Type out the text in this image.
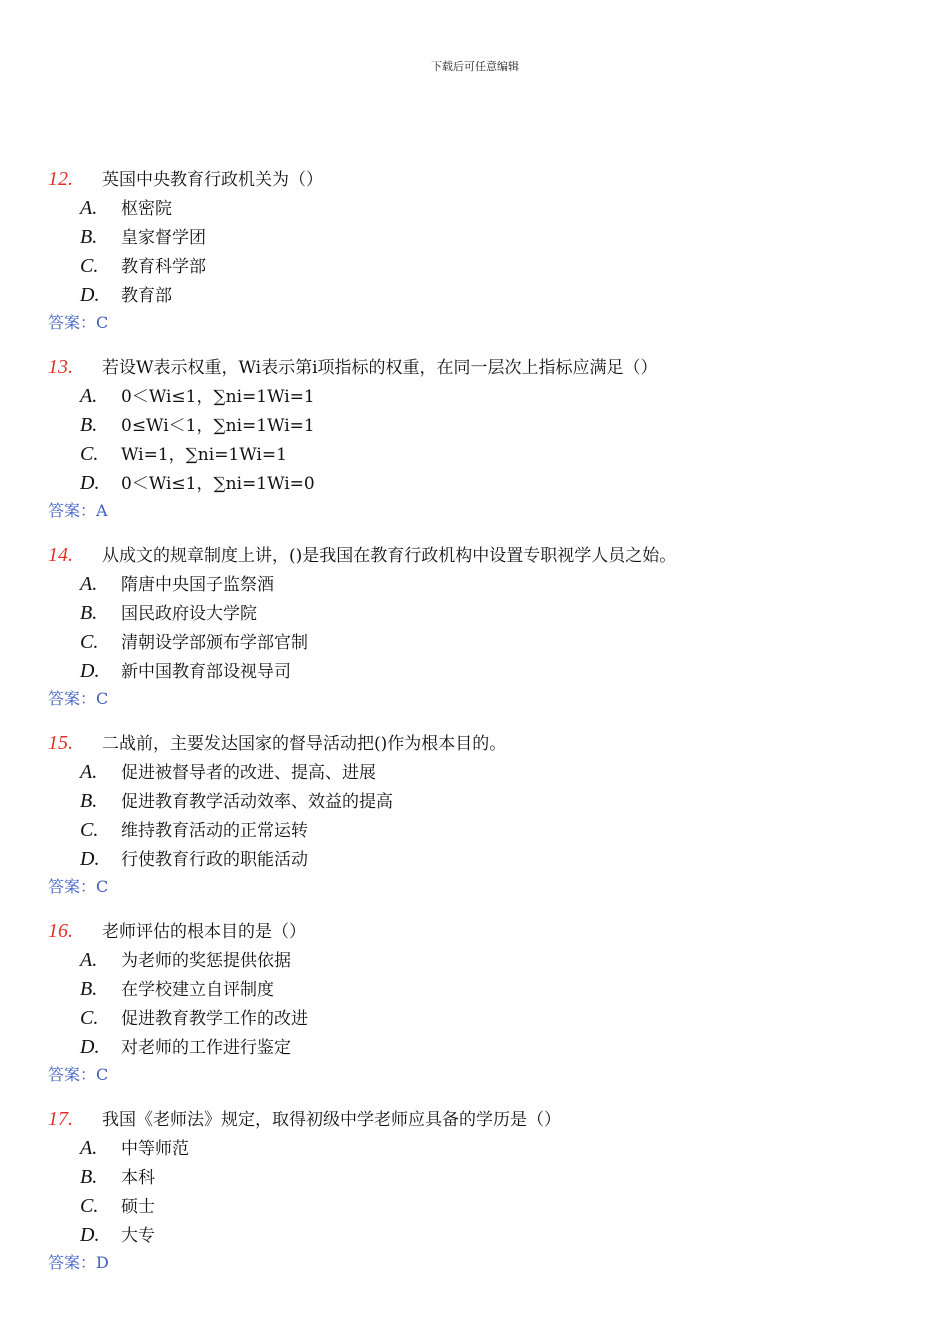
下载后可任意编辑
12. 英国中央教育行政机关为（）
A. 枢密院
B. 皇家督学团
C. 教育科学部
D. 教育部
答案：C
13. 若设W表示权重，Wi表示第i项指标的权重，在同一层次上指标应满足（）
A. 0＜Wi≤1，∑ni=1Wi=1
B. 0≤Wi＜1，∑ni=1Wi=1
C. Wi=1，∑ni=1Wi=1
D. 0＜Wi≤1，∑ni=1Wi=0
答案：A
14. 从成文的规章制度上讲，()是我国在教育行政机构中设置专职视学人员之始。
A. 隋唐中央国子监祭酒
B. 国民政府设大学院
C. 清朝设学部颁布学部官制
D. 新中国教育部设视导司
答案：C
15. 二战前，主要发达国家的督导活动把()作为根本目的。
A. 促进被督导者的改进、提高、进展
B. 促进教育教学活动效率、效益的提高
C. 维持教育活动的正常运转
D. 行使教育行政的职能活动
答案：C
16. 老师评估的根本目的是（）
A. 为老师的奖惩提供依据
B. 在学校建立自评制度
C. 促进教育教学工作的改进
D. 对老师的工作进行鉴定
答案：C
17. 我国《老师法》规定，取得初级中学老师应具备的学历是（）
A. 中等师范
B. 本科
C. 硕士
D. 大专
答案：D
